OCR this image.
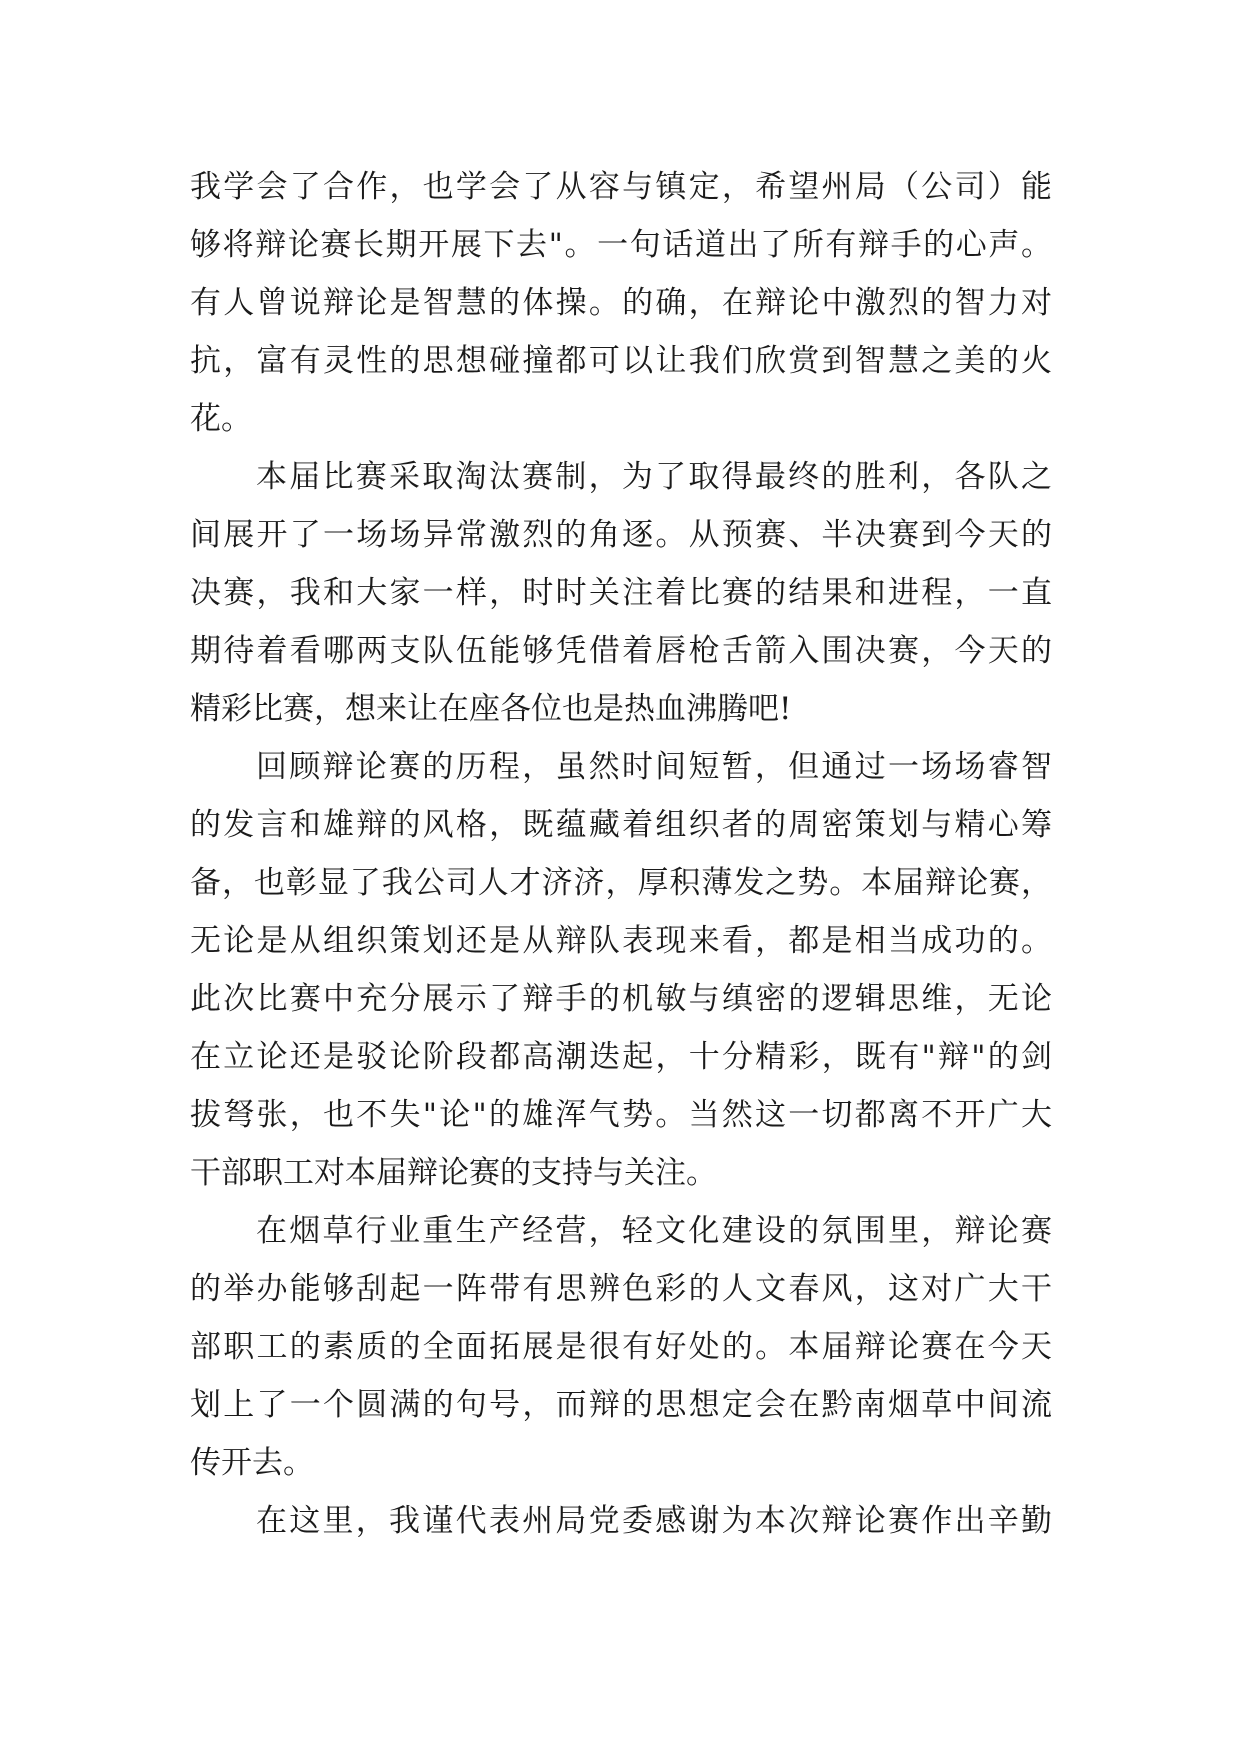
我学会了合作，也学会了从容与镇定，希望州局（公司）能
够将辩论赛长期开展下去"。一句话道出了所有辩手的心声。
有人曾说辩论是智慧的体操。的确，在辩论中激烈的智力对
抗，富有灵性的思想碰撞都可以让我们欣赏到智慧之美的火
花。
本届比赛采取淘汰赛制，为了取得最终的胜利，各队之
间展开了一场场异常激烈的角逐。从预赛、半决赛到今天的
决赛，我和大家一样，时时关注着比赛的结果和进程，一直
期待着看哪两支队伍能够凭借着唇枪舌箭入围决赛，今天的
精彩比赛，想来让在座各位也是热血沸腾吧!
回顾辩论赛的历程，虽然时间短暂，但通过一场场睿智
的发言和雄辩的风格，既蕴藏着组织者的周密策划与精心筹
备，也彰显了我公司人才济济，厚积薄发之势。本届辩论赛，
无论是从组织策划还是从辩队表现来看，都是相当成功的。
此次比赛中充分展示了辩手的机敏与缜密的逻辑思维，无论
在立论还是驳论阶段都高潮迭起，十分精彩，既有"辩"的剑
拔弩张，也不失"论"的雄浑气势。当然这一切都离不开广大
干部职工对本届辩论赛的支持与关注。
在烟草行业重生产经营，轻文化建设的氛围里，辩论赛
的举办能够刮起一阵带有思辨色彩的人文春风，这对广大干
部职工的素质的全面拓展是很有好处的。本届辩论赛在今天
划上了一个圆满的句号，而辩的思想定会在黔南烟草中间流
传开去。
在这里，我谨代表州局党委感谢为本次辩论赛作出辛勤
